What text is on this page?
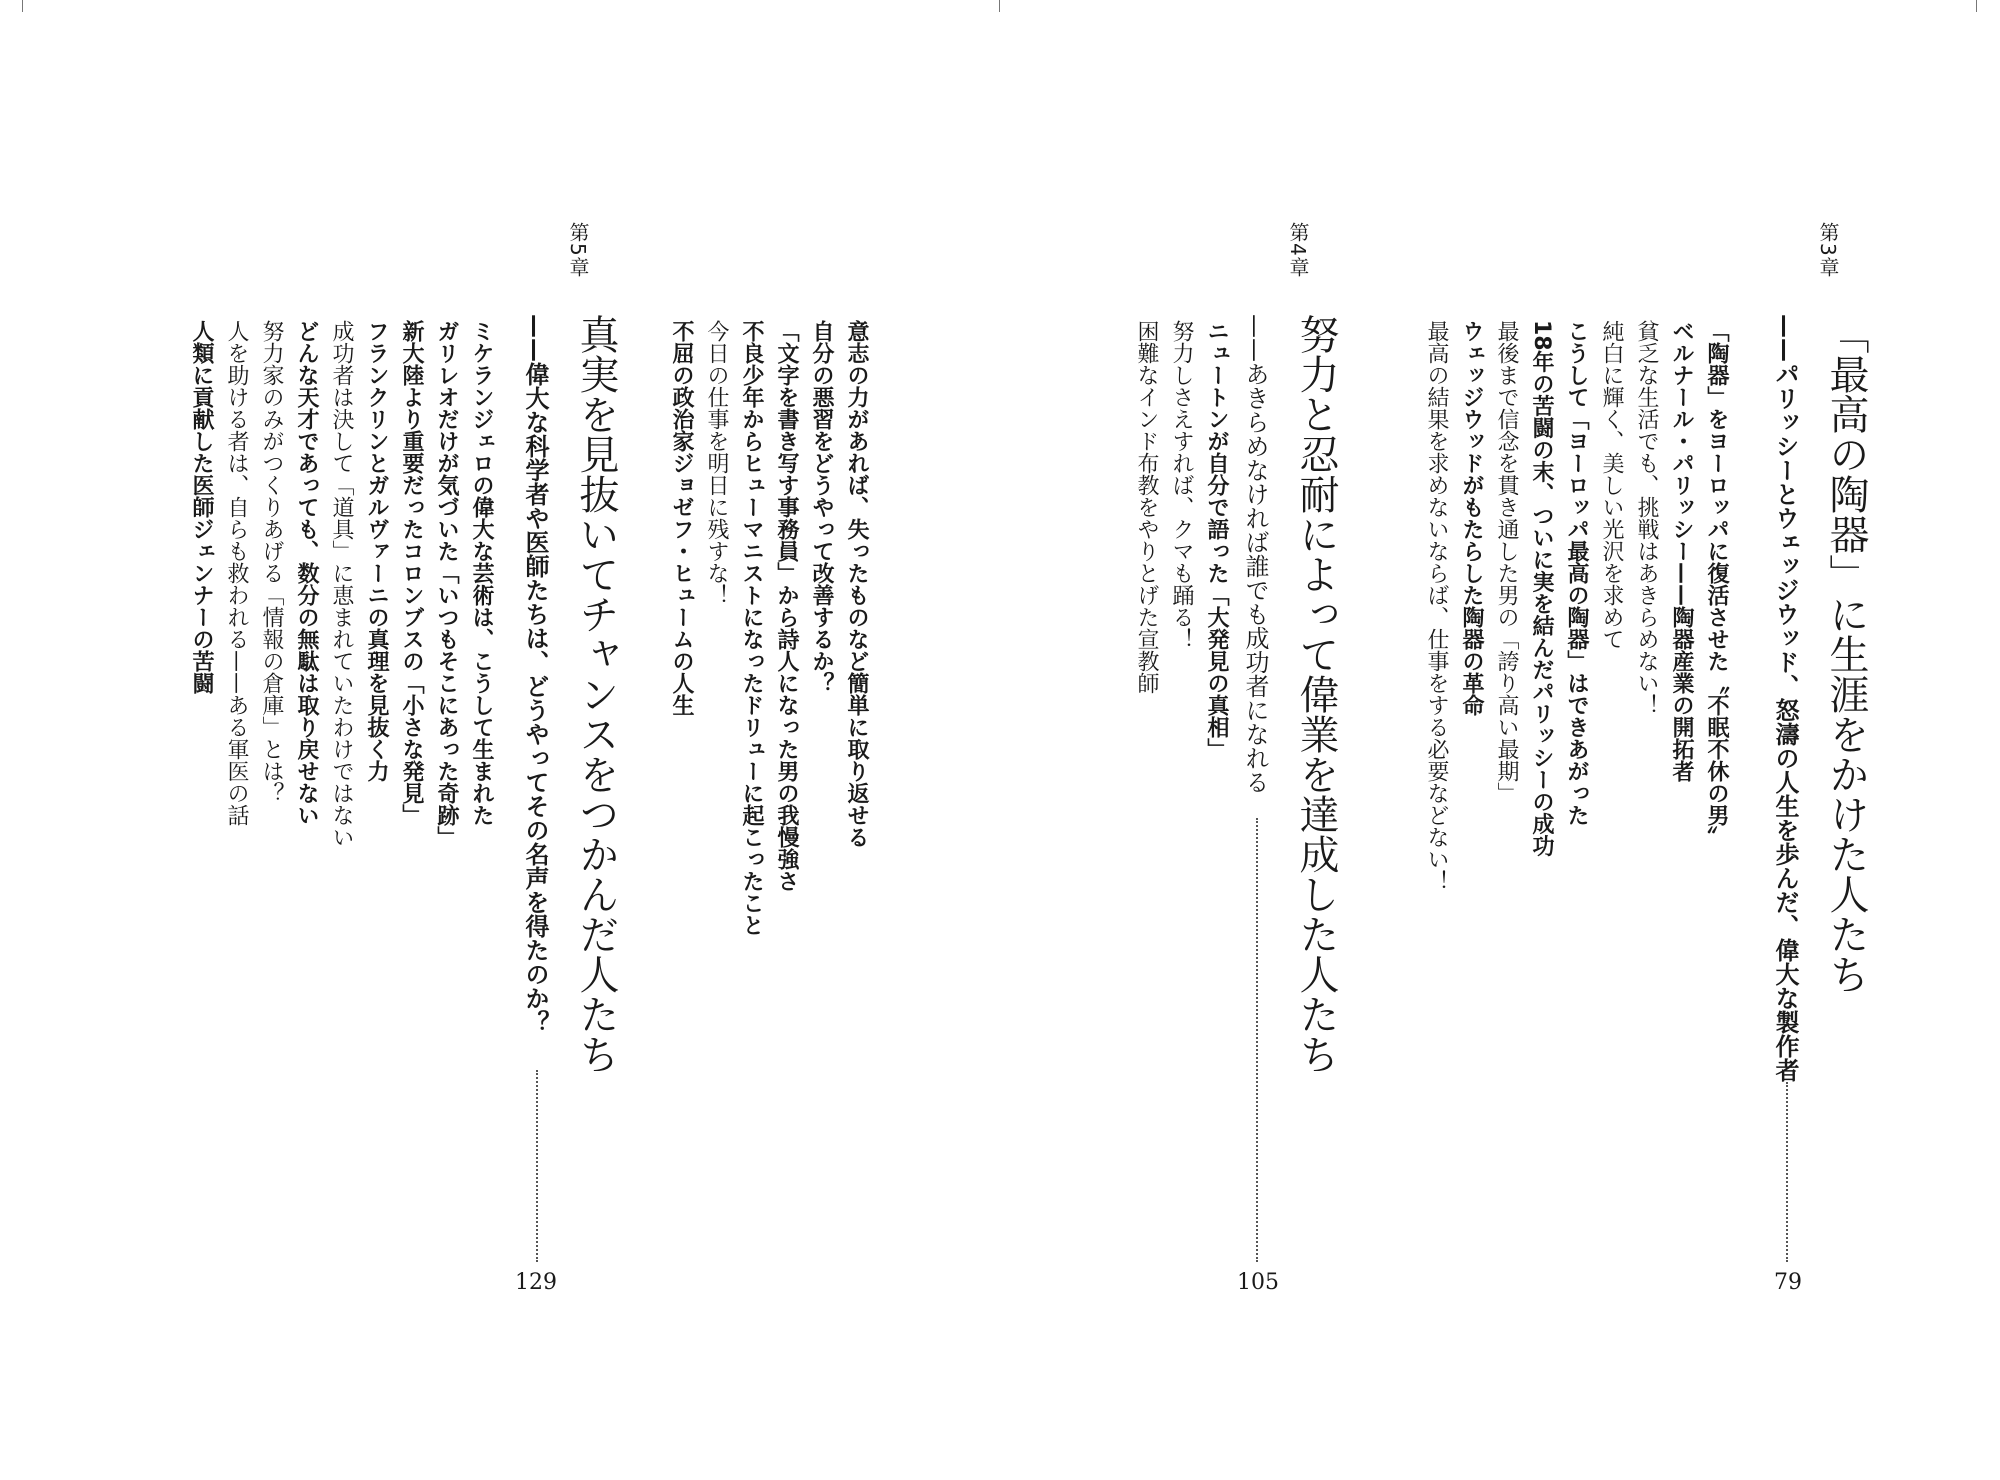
第3章
「最高の陶器」に生涯をかけた人たち
——パリッシーとウェッジウッド、怒濤の人生を歩んだ、偉大な製作者
79
「陶器」をヨーロッパに復活させた〝不眠不休の男〟
ベルナール・パリッシー——陶器産業の開拓者
貧乏な生活でも、挑戦はあきらめない！
純白に輝く、美しい光沢を求めて
こうして「ヨーロッパ最高の陶器」はできあがった
18年の苦闘の末、ついに実を結んだパリッシーの成功
最後まで信念を貫き通した男の「誇り高い最期」
ウェッジウッドがもたらした陶器の革命
最高の結果を求めないならば、仕事をする必要などない！
第4章
努力と忍耐によって偉業を達成した人たち
——あきらめなければ誰でも成功者になれる
105
ニュートンが自分で語った「大発見の真相」
努力しさえすれば、クマも踊る！
困難なインド布教をやりとげた宣教師
意志の力があれば、失ったものなど簡単に取り返せる
自分の悪習をどうやって改善するか？
「文字を書き写す事務員」から詩人になった男の我慢強さ
不良少年からヒューマニストになったドリューに起こったこと
今日の仕事を明日に残すな！
不屈の政治家ジョゼフ・ヒュームの人生
第5章
真実を見抜いてチャンスをつかんだ人たち
——偉大な科学者や医師たちは、どうやってその名声を得たのか？
129
ミケランジェロの偉大な芸術は、こうして生まれた
ガリレオだけが気づいた「いつもそこにあった奇跡」
新大陸より重要だったコロンブスの「小さな発見」
フランクリンとガルヴァーニの真理を見抜く力
成功者は決して「道具」に恵まれていたわけではない
どんな天才であっても、数分の無駄は取り戻せない
努力家のみがつくりあげる「情報の倉庫」とは？
人を助ける者は、自らも救われる——ある軍医の話
人類に貢献した医師ジェンナーの苦闘
